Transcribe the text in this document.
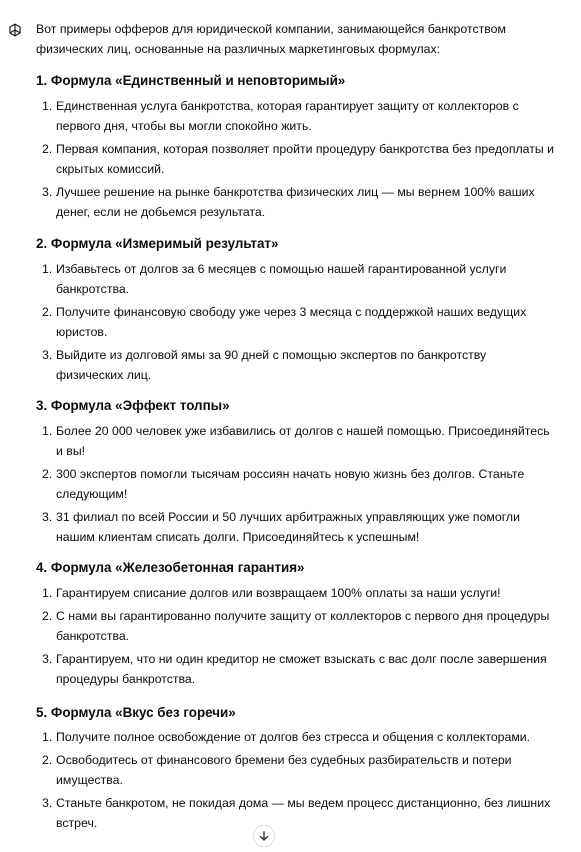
Вот примеры офферов для юридической компании, занимающейся банкротством физических лиц, основанные на различных маркетинговых формулах:

1. Формула «Единственный и неповторимый»
1. Единственная услуга банкротства, которая гарантирует защиту от коллекторов с первого дня, чтобы вы могли спокойно жить.
2. Первая компания, которая позволяет пройти процедуру банкротства без предоплаты и скрытых комиссий.
3. Лучшее решение на рынке банкротства физических лиц — мы вернем 100% ваших денег, если не добьемся результата.
2. Формула «Измеримый результат»
1. Избавьтесь от долгов за 6 месяцев с помощью нашей гарантированной услуги банкротства.
2. Получите финансовую свободу уже через 3 месяца с поддержкой наших ведущих юристов.
3. Выйдите из долговой ямы за 90 дней с помощью экспертов по банкротству физических лиц.
3. Формула «Эффект толпы»
1. Более 20 000 человек уже избавились от долгов с нашей помощью. Присоединяйтесь и вы!
2. 300 экспертов помогли тысячам россиян начать новую жизнь без долгов. Станьте следующим!
3. 31 филиал по всей России и 50 лучших арбитражных управляющих уже помогли нашим клиентам списать долги. Присоединяйтесь к успешным!
4. Формула «Железобетонная гарантия»
1. Гарантируем списание долгов или возвращаем 100% оплаты за наши услуги!
2. С нами вы гарантированно получите защиту от коллекторов с первого дня процедуры банкротства.
3. Гарантируем, что ни один кредитор не сможет взыскать с вас долг после завершения процедуры банкротства.
5. Формула «Вкус без горечи»
1. Получите полное освобождение от долгов без стресса и общения с коллекторами.
2. Освободитесь от финансового бремени без судебных разбирательств и потери имущества.
3. Станьте банкротом, не покидая дома — мы ведем процесс дистанционно, без лишних встреч.
